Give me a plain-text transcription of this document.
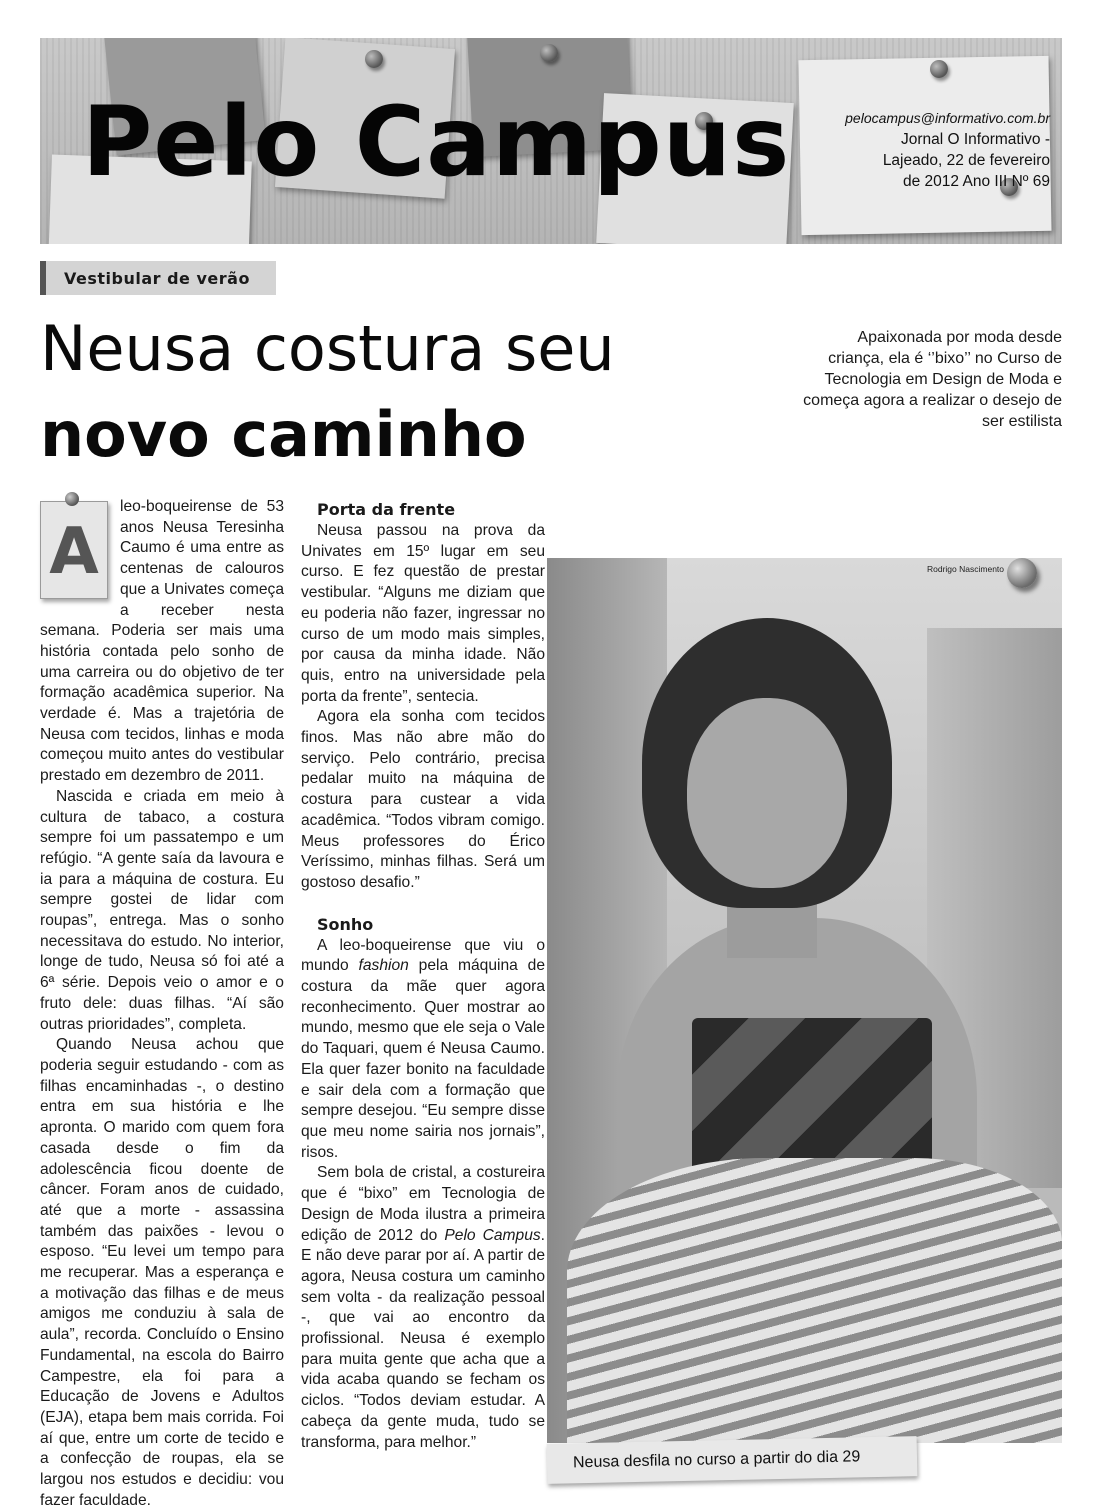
Pelo Campus	pelocampus@informativo.com.br
Jornal O Informativo -
Lajeado, 22 de fevereiro
de 2012 Ano III Nº 69
Vestibular de verão
Neusa costura seu
novo caminho
Apaixonada por moda desde criança, ela é ‘’bixo’’ no Curso de Tecnologia em Design de Moda e começa agora a realizar o desejo de ser estilista
A

leo-boqueirense de 53 anos Neusa Teresinha Caumo é uma entre as centenas de calouros que a Univates começa a receber nesta semana. Poderia ser mais uma história contada pelo sonho de uma carreira ou do objetivo de ter formação acadêmica superior. Na verdade é. Mas a trajetória de Neusa com tecidos, linhas e moda começou muito antes do vestibular prestado em dezembro de 2011.

Nascida e criada em meio à cultura de tabaco, a costura sempre foi um passatempo e um refúgio. “A gente saía da lavoura e ia para a máquina de costura. Eu sempre gostei de lidar com roupas”, entrega. Mas o sonho necessitava do estudo. No interior, longe de tudo, Neusa só foi até a 6ª série. Depois veio o amor e o fruto dele: duas filhas. “Aí são outras prioridades”, completa.

Quando Neusa achou que poderia seguir estudando - com as filhas encaminhadas -, o destino entra em sua história e lhe apronta. O marido com quem fora casada desde o fim da adolescência ficou doente de câncer. Foram anos de cuidado, até que a morte - assassina também das paixões - levou o esposo. “Eu levei um tempo para me recuperar. Mas a esperança e a motivação das filhas e de meus amigos me conduziu à sala de aula”, recorda. Concluído o Ensino Fundamental, na escola do Bairro Campestre, ela foi para a Educação de Jovens e Adultos (EJA), etapa bem mais corrida. Foi aí que, entre um corte de tecido e a confecção de roupas, ela se largou nos estudos e decidiu: vou fazer faculdade.

Porta da frente

Neusa passou na prova da Univates em 15º lugar em seu curso. E fez questão de prestar vestibular. “Alguns me diziam que eu poderia não fazer, ingressar no curso de um modo mais simples, por causa da minha idade. Não quis, entro na universidade pela porta da frente”, sentecia.

Agora ela sonha com tecidos finos. Mas não abre mão do serviço. Pelo contrário, precisa pedalar muito na máquina de costura para custear a vida acadêmica. “Todos vibram comigo. Meus professores do Érico Veríssimo, minhas filhas. Será um gostoso desafio.”

Sonho

A leo-boqueirense que viu o mundo fashion pela máquina de costura da mãe quer agora reconhecimento. Quer mostrar ao mundo, mesmo que ele seja o Vale do Taquari, quem é Neusa Caumo. Ela quer fazer bonito na faculdade e sair dela com a formação que sempre desejou. “Eu sempre disse que meu nome sairia nos jornais”, risos.

Sem bola de cristal, a costureira que é “bixo” em Tecnologia de Design de Moda ilustra a primeira edição de 2012 do Pelo Campus. E não deve parar por aí. A partir de agora, Neusa costura um caminho sem volta - da realização pessoal -, que vai ao encontro da profissional. Neusa é exemplo para muita gente que acha que a vida acaba quando se fecham os ciclos. “Todos deviam estudar. A cabeça da gente muda, tudo se transforma, para melhor.”

Rodrigo Nascimento
Neusa desfila no curso a partir do dia 29
